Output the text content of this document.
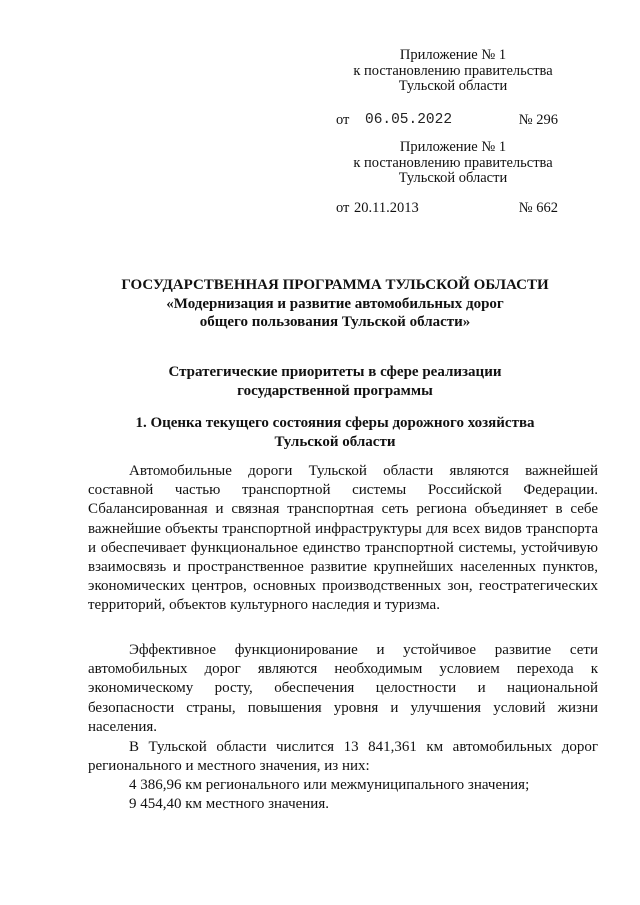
Приложение № 1
к постановлению правительства
Тульской области
от 06.05.2022	№ 296
Приложение № 1
к постановлению правительства
Тульской области
от 20.11.2013	№ 662
ГОСУДАРСТВЕННАЯ ПРОГРАММА ТУЛЬСКОЙ ОБЛАСТИ
«Модернизация и развитие автомобильных дорог
общего пользования Тульской области»
Стратегические приоритеты в сфере реализации
государственной программы
1. Оценка текущего состояния сферы дорожного хозяйства
Тульской области

Автомобильные дороги Тульской области являются важнейшей составной частью транспортной системы Российской Федерации. Сбалансированная и связная транспортная сеть региона объединяет в себе важнейшие объекты транспортной инфраструктуры для всех видов транспорта и обеспечивает функциональное единство транспортной системы, устойчивую взаимосвязь и пространственное развитие крупнейших населенных пунктов, экономических центров, основных производственных зон, геостратегических территорий, объектов культурного наследия и туризма.

Эффективное функционирование и устойчивое развитие сети автомобильных дорог являются необходимым условием перехода к экономическому росту, обеспечения целостности и национальной безопасности страны, повышения уровня и улучшения условий жизни населения.

В Тульской области числится 13 841,361 км автомобильных дорог регионального и местного значения, из них:

4 386,96 км регионального или межмуниципального значения;

9 454,40 км местного значения.
